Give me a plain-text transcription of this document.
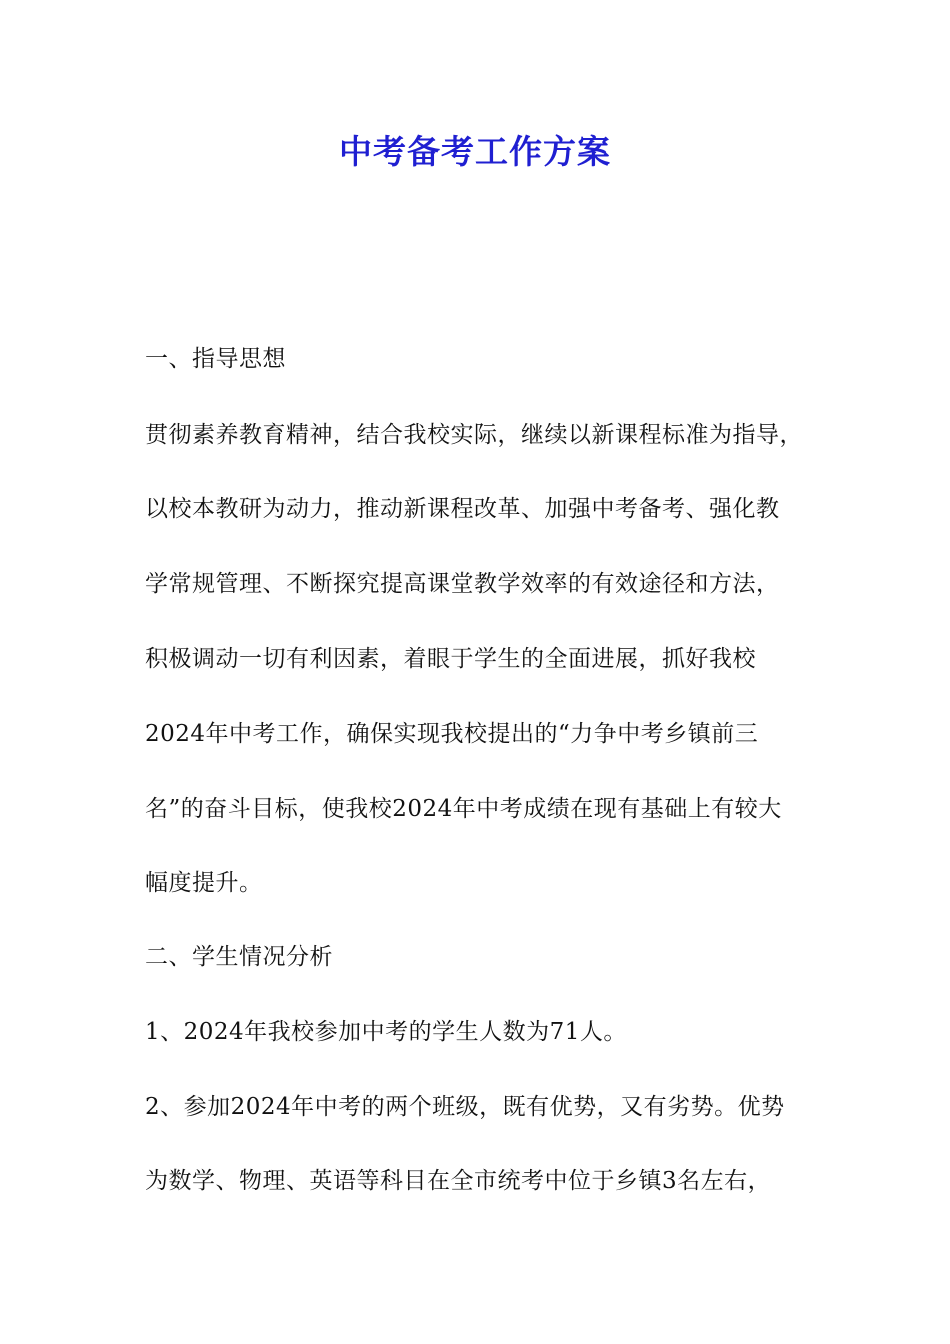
中考备考工作方案

一、指导思想

贯彻素养教育精神，结合我校实际，继续以新课程标准为指导，

以校本教研为动力，推动新课程改革、加强中考备考、强化教

学常规管理、不断探究提高课堂教学效率的有效途径和方法，

积极调动一切有利因素，着眼于学生的全面进展，抓好我校

2024年中考工作，确保实现我校提出的“力争中考乡镇前三

名”的奋斗目标，使我校2024年中考成绩在现有基础上有较大

幅度提升。

二、学生情况分析

1、2024年我校参加中考的学生人数为71人。

2、参加2024年中考的两个班级，既有优势，又有劣势。优势

为数学、物理、英语等科目在全市统考中位于乡镇3名左右，
